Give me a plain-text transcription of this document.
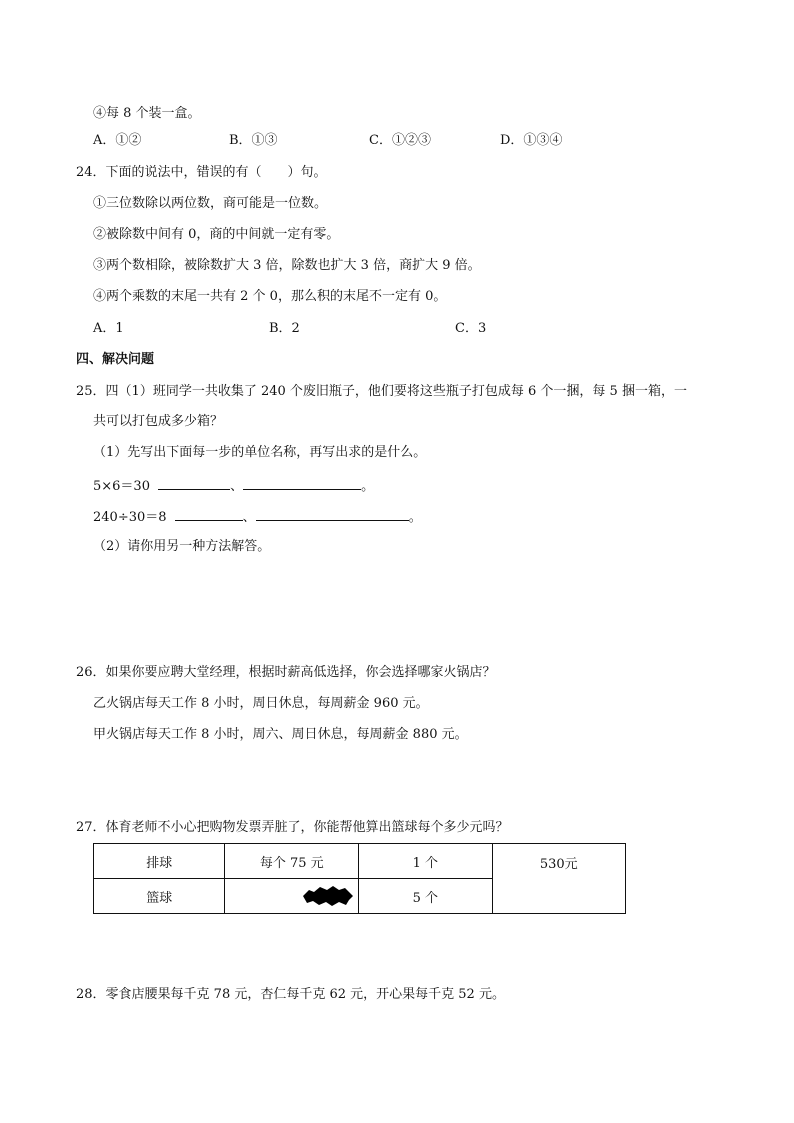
④每 8 个装一盒。
A．①②	B．①③	C．①②③	D．①③④
24．下面的说法中，错误的有（　　）句。
①三位数除以两位数，商可能是一位数。
②被除数中间有 0，商的中间就一定有零。
③两个数相除，被除数扩大 3 倍，除数也扩大 3 倍，商扩大 9 倍。
④两个乘数的末尾一共有 2 个 0，那么积的末尾不一定有 0。
A．1	B．2	C．3
四、解决问题
25．四（1）班同学一共收集了 240 个废旧瓶子，他们要将这些瓶子打包成每 6 个一捆，每 5 捆一箱，一
共可以打包成多少箱？
（1）先写出下面每一步的单位名称，再写出求的是什么。
5×6＝30	、	。
240÷30＝8	、	。
（2）请你用另一种方法解答。
26．如果你要应聘大堂经理，根据时薪高低选择，你会选择哪家火锅店？
乙火锅店每天工作 8 小时，周日休息，每周薪金 960 元。
甲火锅店每天工作 8 小时，周六、周日休息，每周薪金 880 元。
27．体育老师不小心把购物发票弄脏了，你能帮他算出篮球每个多少元吗？
排球	每个 75 元	1 个	530元
篮球		5 个	
28．零食店腰果每千克 78 元，杏仁每千克 62 元，开心果每千克 52 元。
